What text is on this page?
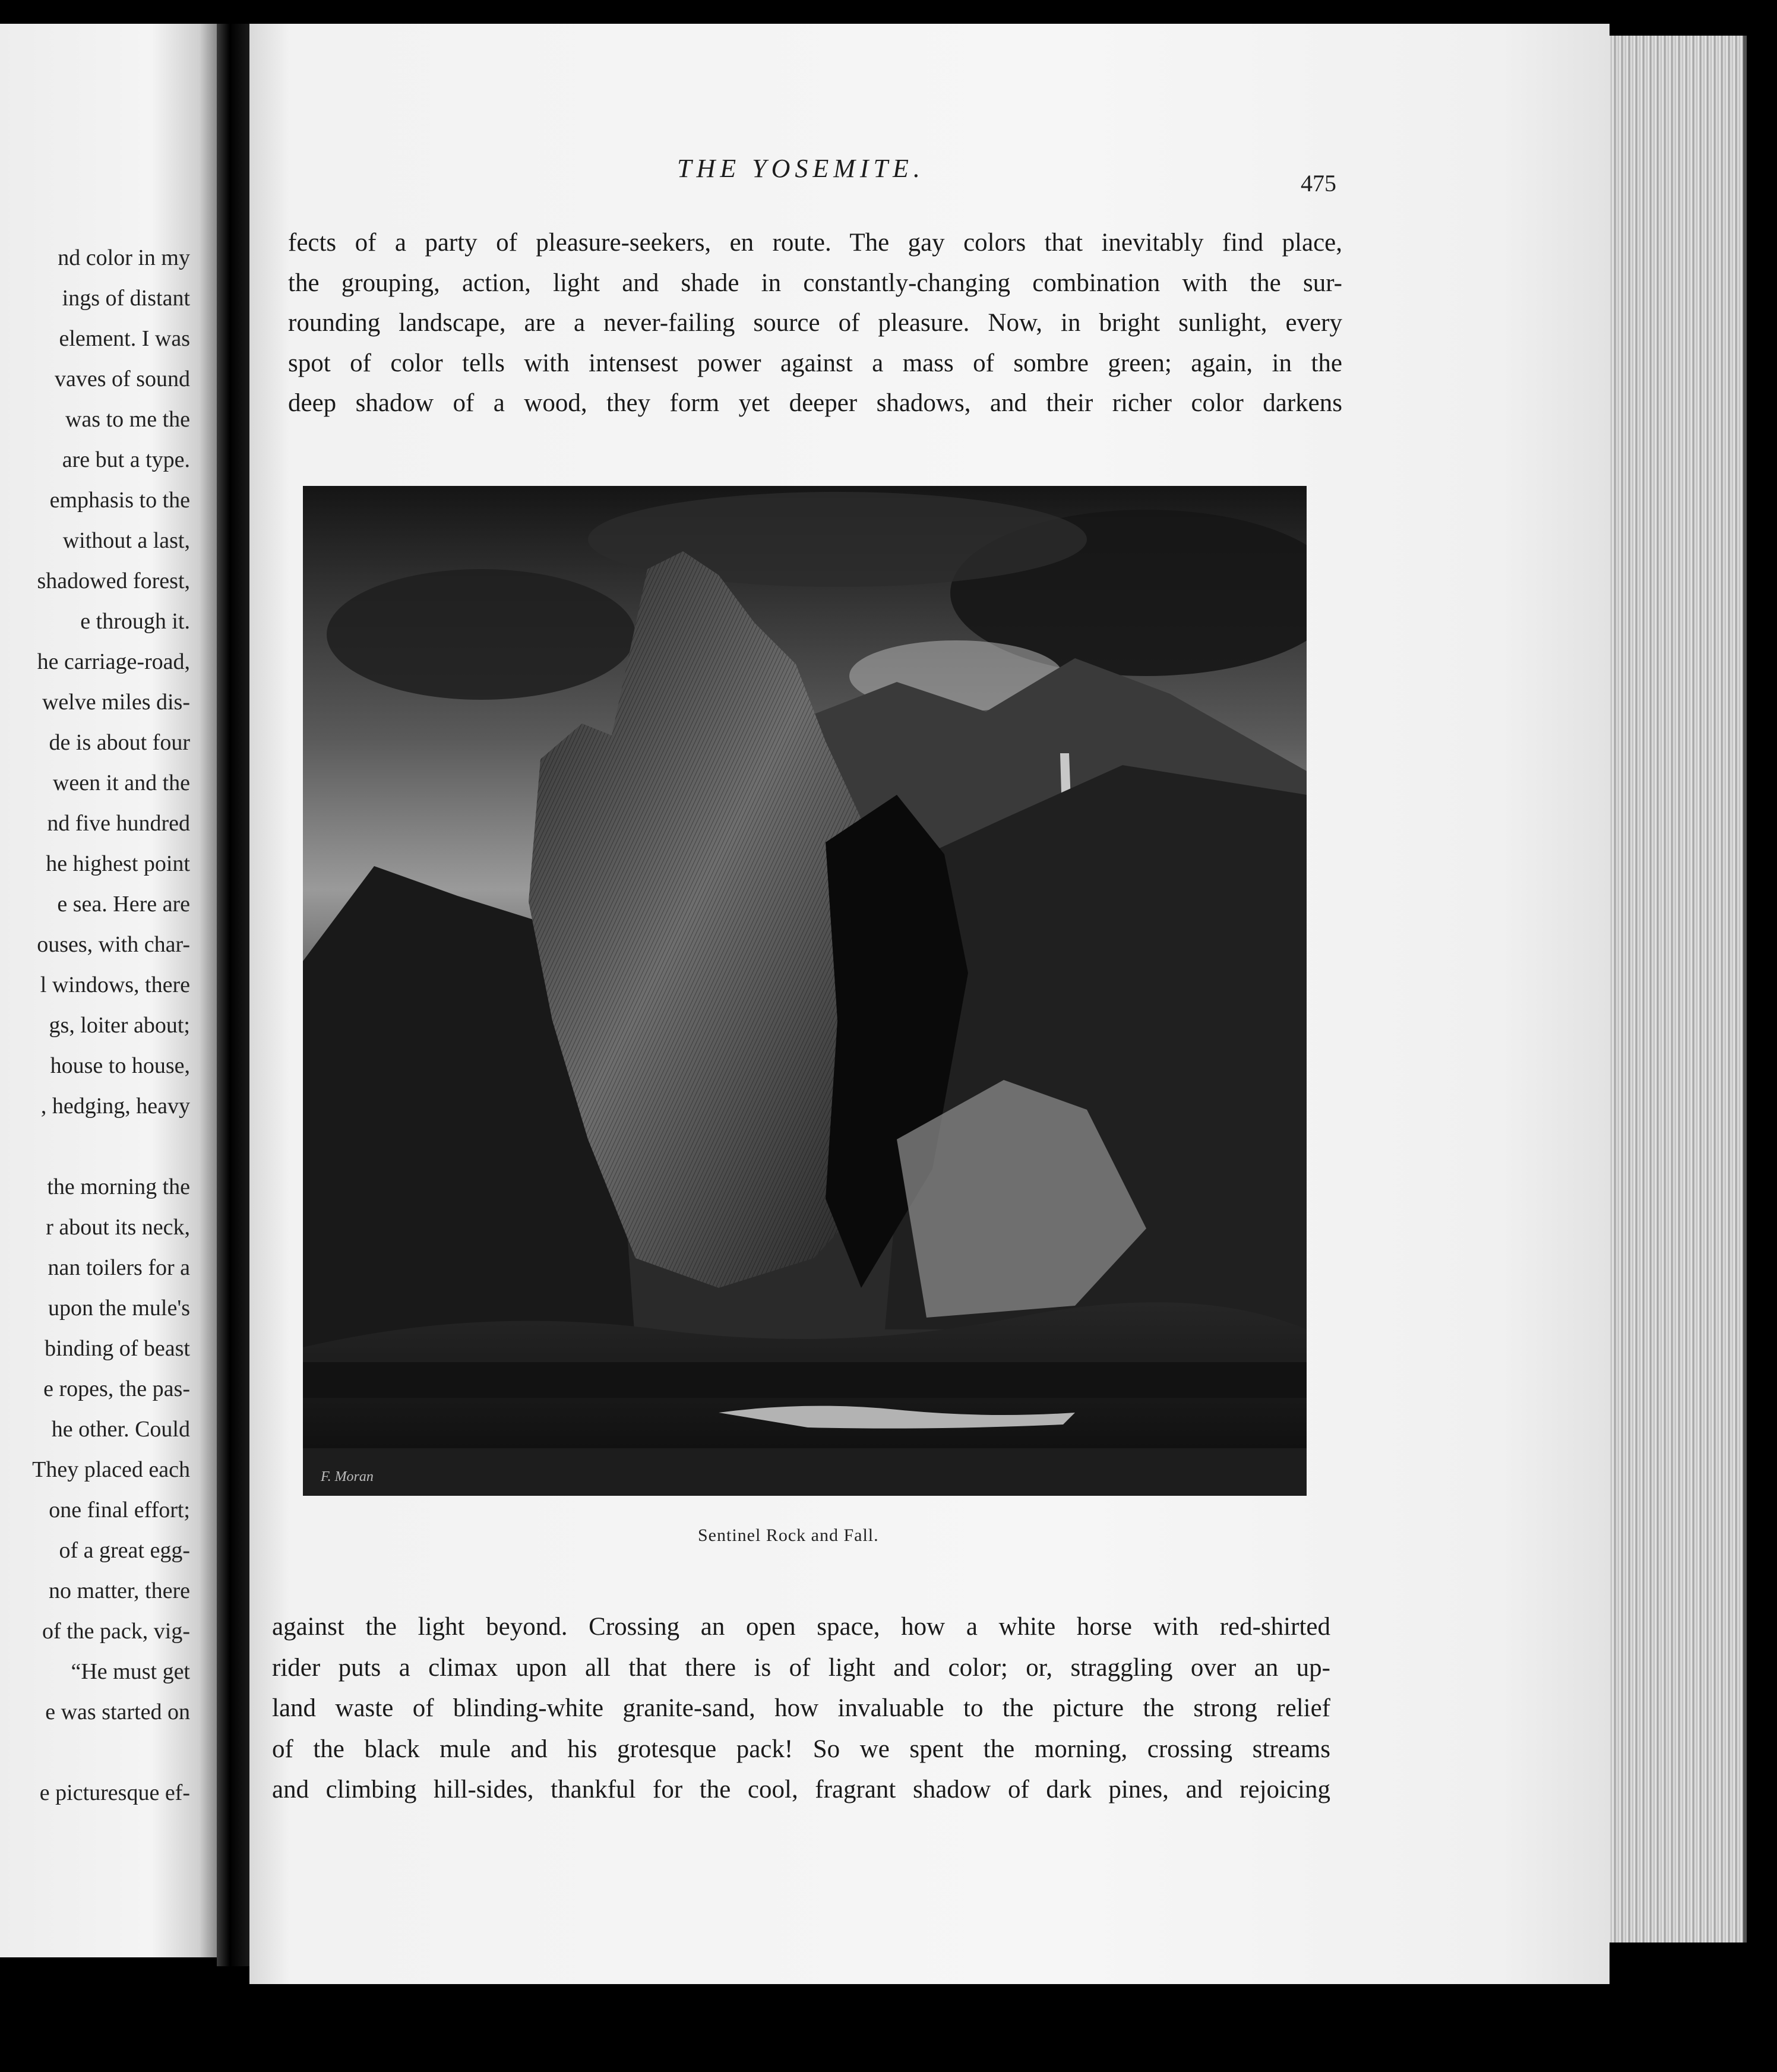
nd color in my
ings of distant
element. I was
vaves of sound
was to me the
are but a type.
emphasis to the
without a last,
shadowed forest,
e through it.
he carriage-road,
welve miles dis-
de is about four
ween it and the
nd five hundred
he highest point
e sea. Here are
ouses, with char-
l windows, there
gs, loiter about;
house to house,
, hedging, heavy
the morning the
r about its neck,
nan toilers for a
upon the mule's
binding of beast
e ropes, the pas-
he other. Could
They placed each
one final effort;
of a great egg-
no matter, there
of the pack, vig-
“He must get
e was started on
e picturesque ef-
THE YOSEMITE.
475
fects of a party of pleasure-seekers, en route. The gay colors that inevitably find place,
the grouping, action, light and shade in constantly-changing combination with the sur-
rounding landscape, are a never-failing source of pleasure. Now, in bright sunlight, every
spot of color tells with intensest power against a mass of sombre green; again, in the
deep shadow of a wood, they form yet deeper shadows, and their richer color darkens
F. Moran
Sentinel Rock and Fall.
against the light beyond. Crossing an open space, how a white horse with red-shirted
rider puts a climax upon all that there is of light and color; or, straggling over an up-
land waste of blinding-white granite-sand, how invaluable to the picture the strong relief
of the black mule and his grotesque pack! So we spent the morning, crossing streams
and climbing hill-sides, thankful for the cool, fragrant shadow of dark pines, and rejoicing
